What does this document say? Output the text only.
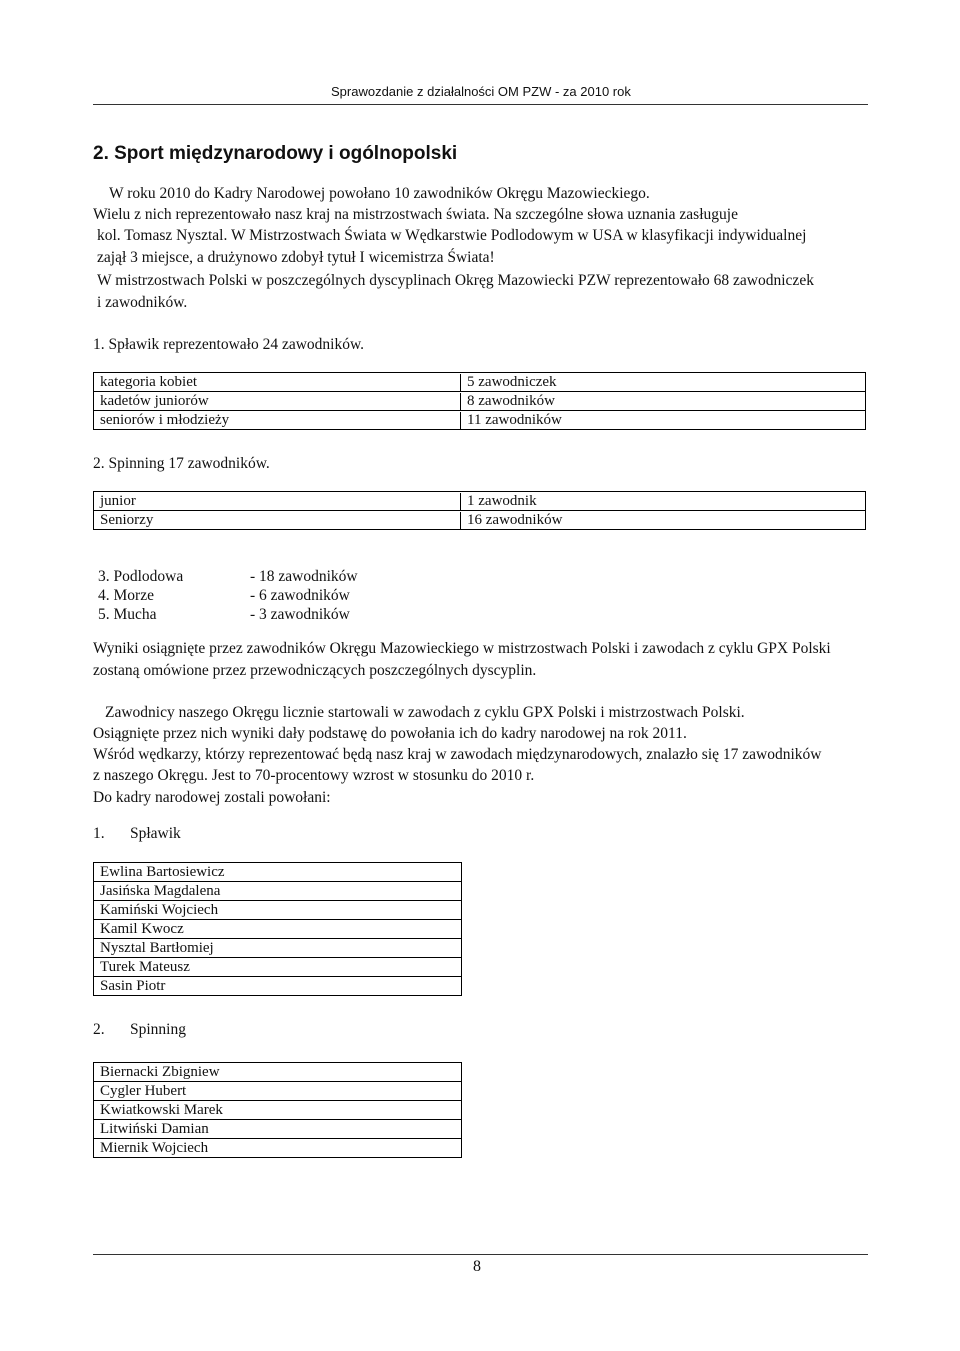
Sprawozdanie z działalności OM PZW - za 2010 rok
2. Sport międzynarodowy i ogólnopolski
W roku 2010 do Kadry Narodowej powołano 10 zawodników Okręgu Mazowieckiego.
Wielu z nich reprezentowało nasz kraj na mistrzostwach świata. Na szczególne słowa uznania zasługuje
kol. Tomasz Nysztal. W Mistrzostwach Świata w Wędkarstwie Podlodowym w USA w klasyfikacji indywidualnej
zajął 3 miejsce, a drużynowo zdobył tytuł I wicemistrza Świata!
W mistrzostwach Polski w poszczególnych dyscyplinach Okręg Mazowiecki PZW reprezentowało 68 zawodniczek
i zawodników.
1. Spławik reprezentowało 24 zawodników.
kategoria kobiet	5 zawodniczek

kadetów juniorów	8 zawodników

seniorów i młodzieży	11 zawodników
2. Spinning 17 zawodników.
junior	1 zawodnik

Seniorzy	16 zawodników
3. Podlodowa	- 18 zawodników
4. Morze	- 6 zawodników
5. Mucha	- 3 zawodników
Wyniki osiągnięte przez zawodników Okręgu Mazowieckiego w mistrzostwach Polski i zawodach z cyklu GPX Polski
zostaną omówione przez przewodniczących poszczególnych dyscyplin.
Zawodnicy naszego Okręgu licznie startowali w zawodach z cyklu GPX Polski i mistrzostwach Polski.
Osiągnięte przez nich wyniki dały podstawę do powołania ich do kadry narodowej na rok 2011.
Wśród wędkarzy, którzy reprezentować będą nasz kraj w zawodach międzynarodowych, znalazło się 17 zawodników
z naszego Okręgu. Jest to 70-procentowy wzrost w stosunku do 2010 r.
Do kadry narodowej zostali powołani:
1. Spławik
Ewlina Bartosiewicz
Jasińska Magdalena
Kamiński Wojciech
Kamil Kwocz
Nysztal Bartłomiej
Turek Mateusz
Sasin Piotr
2. Spinning
Biernacki Zbigniew
Cygler Hubert
Kwiatkowski Marek
Litwiński Damian
Miernik Wojciech
8
